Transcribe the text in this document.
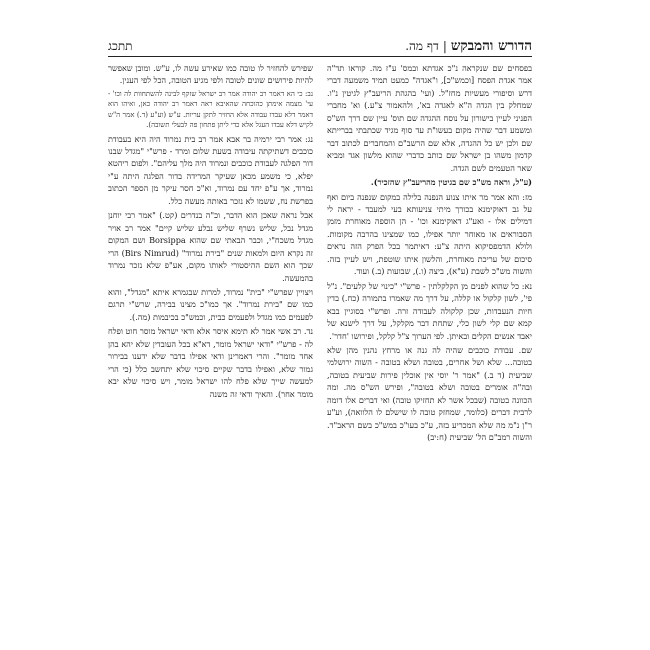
הדורש והמבקש|דף מה.
תתכג

בפסחים שם שנקראה נ"כ אגדתא ובמס' ע"ז מה. קוראו תד"ה אמר אגדת הפסח [וכמש"כ], ו"אגדה" כמעט תמיד משמעה דברי דרש וסיפורי מעשיות מחז"ל. (ועי' בהגהת הריעב"ץ לגיטין נ"ו. שמחלק בין הגדה ה"א לאגדה בא', ולהאמור צ"ע.) וא' מחברי הפניני לעיין בישורון על נוסח ההגדה שם תוס' עיין שם דרך הש"ס ומשמע דבר שהיה מקום בעשו"ת עד סוף מגיד שכתבתי בברייתא שם ולכן יש כל ההגדה, אלא שם הרשב"ם והמחברים לכתוב דבר קדמון משהו בן ישראל שם כותב כדברי שהוא מלשון אגד ומביא שאר הטעמים לשם הגדה.

(ע"ל, וראה מש"כ שם בגיטין מהריעב"ץ שהזכיר).

מז: והא אמר מר איתו צנוע הנפנה בלילה במקום שנפנה ביום ואף על גב דאוקימנא בכורך מיתי צניעותא בעי למעבד - יראה לי דמילים אלו - ואע"ג דאוקימנא וכו' - הן הוספה מאוחרת מזמן הסבוראים או מאוחר יותר אפילו, כמו שמצינו בהרבה מקומות. ולולא הדמפסיקוא היתה צ"ע: דאיתמר בכל הפרק הזה נראים סיכום של עריכת מאוחרת, והלשון איתו שוטפת, ויש לעיין בזה. והשוה מש"כ לשבת (ע"א), ביצה (ו.), שבועות (ב.) ועוד.

נא: כל שהוא לפנים מן הקלקלתין - פרש"י "כינוי של קלעים". נ"ל פי', לשון קלקול או קללה, על דרך מה שאמרו בתמורה (כח.) בדין חיות הנעבדות, שכן קלקולה לעבודה זרה. ופרש"י בסוגיין בבא קמא שם קלי לשון כלי, שתחת דבר מקלקל, על דרך לישנא של יאבד אנשים הקלים ובאיתן. לפי הערוך צ"ל קלקל, ופירושו 'חדר'.

שם. עבודת כוכבים שהיה לה גנה או מרחץ נהנין מהן שלא בטובה... שלא ושל אחרים, בטובה ושלא בטובה - השוה ירושלמי שביעית (ד ב.) "אמר ר' יוסי אין אוכלין פירות שביעית בטובה, ובה"ה אומרים בטובה ושלא בטובה", ופירש הש"ס מה. ומה הכוונה בטובה (שבכל אשר לא תחזיקו טובה) ואי דברים אלו דומה לרבית דברים (כלומר, שמחזק טובה לו שישלם לו הלוואה), וע"ע ר"ן נ"מ מה שלא המכריע בזה, ע"כ בעו"כ במש"כ בשם הראב"ד. והשוה רמב"ם הל' שביעית (ח:יב)

שפירש להחזיר לו טובה כמו שאירע עשה לו, ע"ש. ומובן שאפשר להיות פירושים שונים לטובה ולפי מגיע הטובה, הכל לפי הענין.

נב: כי הא דאמר רב יהודה אמר רב ישראל שזקף לבינה להשתחוות לה וכו' - עי' מצמה אימתן כהוכחה שהאיבא ראה דאמר רב יהודה כאן, ואיהו הוא דאמר דלא עבדו עבודה אלא החזיר לתקן עריות. ע"ש (וע"ע (ד.) אמר ה"ש לקיש דלא עבדו העגל אלא כדי ליתן פתחון פה לבעלי תשובה).

נג: אמר רבי ירמיה בר אבא אמר רב בית נמרוד היה היא בעבודת כוכבים דשתיקתה עיבודה בשעת שלום ומרד - פרש"י "מגדל שבנו דור הפלגה לעבודת כוכבים ונמרוד היה מלך עליהם". ולפום ריהטא יפלא, כי משמע מכאן שעיקר המרידה בדור הפלגה היתה ע"י נמרוד, אך ע"פ יחד עם נמרוד, וא"כ חסר עיקר מן הספר הכתוב בפרשת נח, ששמו לא נזכר באותה מעשה כלל.

אבל נראה שאכן הוא הדבר, וכ"ה בנדרים (קט.) "אמר רבי יוחנן מגדל נבל, שליש נשרף שליש נבלע שליש קיים" אמר רב אויר מגדל משכח"י, וכבר הבאתי שם שהוא Borsippa ושם המקום זה נקרא היום ולמאות שנים "בירת נמרוד" (Birs Nimrud) הרי שכך הוא השם ההיסטורי לאותו מקום, אע"פ שלא נזכר נמרוד בהמעשה.

ויצויין שפרש"י "בית" נמרוד, למרות שבגמרא איתא "מגדל", והוא כמו שם "בירת נמרוד". אך כמו"כ מצינו בבירה, שרש"י תרגם לפעמים כמו מגדל ולפעמים כבית, וכמש"כ בכיבמות (מה.).

נד. רב אשי אמר לא תימא איסר אלא ודאי ישראל מוסר חוט ופלח לה - פרש"י "ודאי ישראל מומר, דא"א בכל העובדין שלא יהא בהן אחד מומר". והרי דאמרינן ודאי אפילו בדבר שלא ידענו בבירור גמור שלא, ואפילו בדבר שקיים סיכוי שלא יתחשב כלל (כי הרי למעשה שייך שלא פלח להו ישראל מומר, ויש סיכוי שלא יבא מומר אחר). והאיך ודאי זה משנה
